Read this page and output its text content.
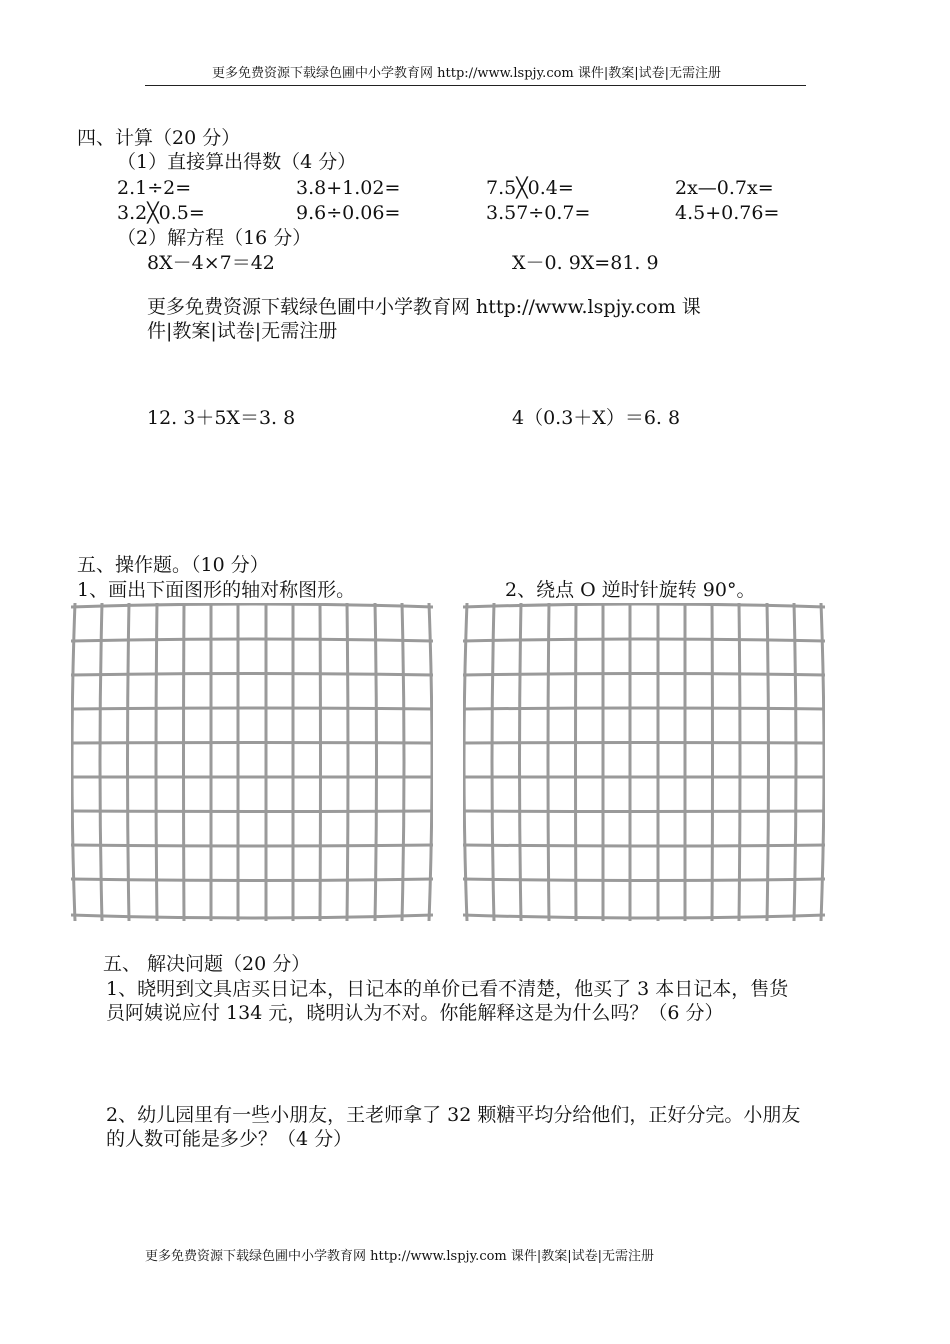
更多免费资源下载绿色圃中小学教育网 http://www.lspjy.com 课件|教案|试卷|无需注册
四、计算（20 分）
（1）直接算出得数（4 分）
2.1÷2=	3.8+1.02=	7.5╳0.4=	2x—0.7x=
3.2╳0.5=	9.6÷0.06=	3.57÷0.7=	4.5+0.76=
（2）解方程（16 分）
8X－4×7＝42	X－0. 9X=81. 9
更多免费资源下载绿色圃中小学教育网 http://www.lspjy.com 课
件|教案|试卷|无需注册
12. 3＋5X＝3. 8	4（0.3＋X）＝6. 8
五、操作题。（10 分）
1、画出下面图形的轴对称图形。	2、绕点 O 逆时针旋转 90°。
五、 解决问题（20 分）
1、晓明到文具店买日记本，日记本的单价已看不清楚，他买了 3 本日记本，售货
员阿姨说应付 134 元，晓明认为不对。你能解释这是为什么吗？（6 分）
2、幼儿园里有一些小朋友，王老师拿了 32 颗糖平均分给他们，正好分完。小朋友
的人数可能是多少？（4 分）
更多免费资源下载绿色圃中小学教育网 http://www.lspjy.com 课件|教案|试卷|无需注册
